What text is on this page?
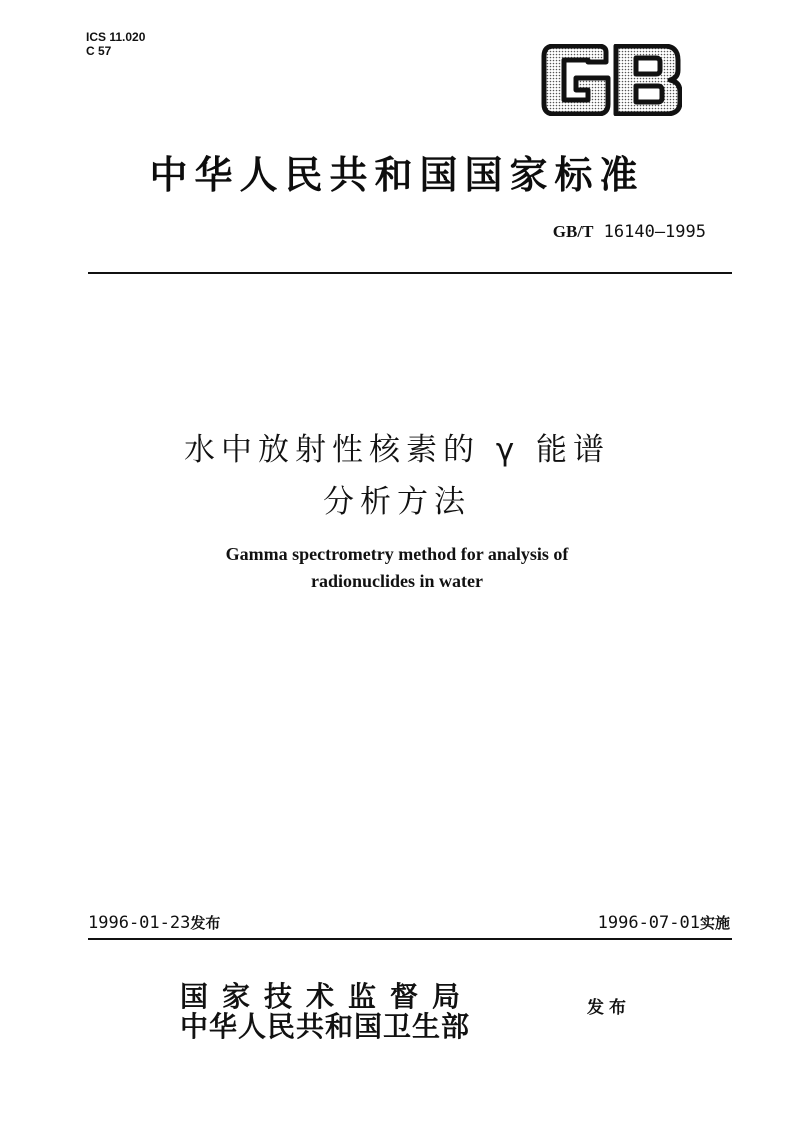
ICS 11.020
C 57
中华人民共和国国家标准
GB/T 16140—1995
水中放射性核素的 γ 能谱
分析方法
Gamma spectrometry method for analysis of
radionuclides in water
1996-01-23发布	1996-07-01实施
国家技术监督局
中华人民共和国卫生部
发布
